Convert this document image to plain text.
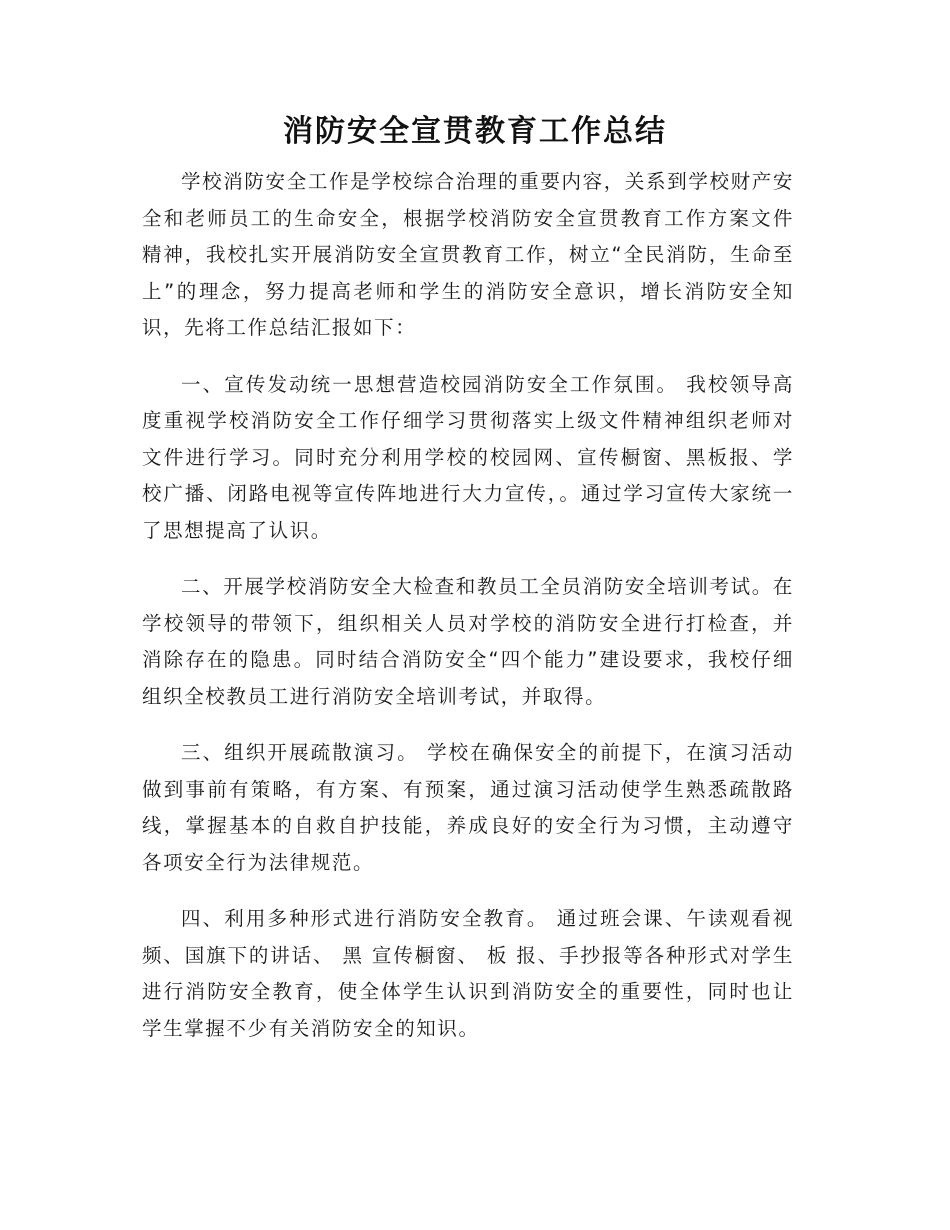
消防安全宣贯教育工作总结

学校消防安全工作是学校综合治理的重要内容，关系到学校财产安全和老师员工的生命安全，根据学校消防安全宣贯教育工作方案文件精神，我校扎实开展消防安全宣贯教育工作，树立“全民消防，生命至上”的理念，努力提高老师和学生的消防安全意识，增长消防安全知识，先将工作总结汇报如下：

一、宣传发动统一思想营造校园消防安全工作氛围。 我校领导高度重视学校消防安全工作仔细学习贯彻落实上级文件精神组织老师对文件进行学习。同时充分利用学校的校园网、宣传橱窗、黑板报、学校广播、闭路电视等宣传阵地进行大力宣传，。通过学习宣传大家统一了思想提高了认识。

二、开展学校消防安全大检查和教员工全员消防安全培训考试。在学校领导的带领下，组织相关人员对学校的消防安全进行打检查，并消除存在的隐患。同时结合消防安全“四个能力”建设要求，我校仔细组织全校教员工进行消防安全培训考试，并取得。

三、组织开展疏散演习。 学校在确保安全的前提下，在演习活动做到事前有策略，有方案、有预案，通过演习活动使学生熟悉疏散路线，掌握基本的自救自护技能，养成良好的安全行为习惯，主动遵守各项安全行为法律规范。

四、利用多种形式进行消防安全教育。 通过班会课、午读观看视频、国旗下的讲话、 黑 宣传橱窗、 板 报、手抄报等各种形式对学生进行消防安全教育，使全体学生认识到消防安全的重要性，同时也让学生掌握不少有关消防安全的知识。
